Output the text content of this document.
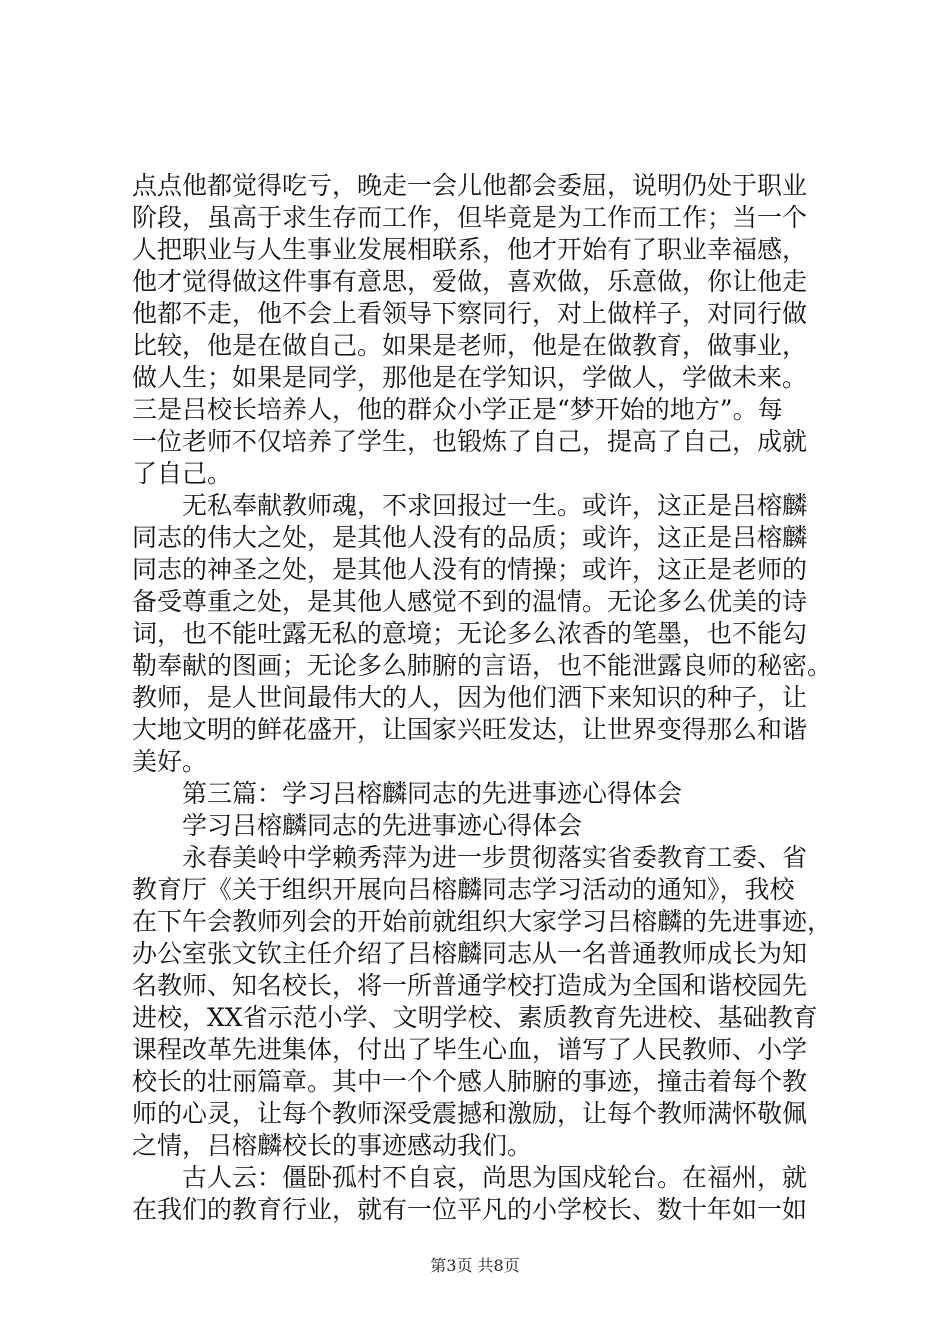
点点他都觉得吃亏，晚走一会儿他都会委屈，说明仍处于职业
阶段，虽高于求生存而工作，但毕竟是为工作而工作；当一个
人把职业与人生事业发展相联系，他才开始有了职业幸福感，
他才觉得做这件事有意思，爱做，喜欢做，乐意做，你让他走
他都不走，他不会上看领导下察同行，对上做样子，对同行做
比较，他是在做自己。如果是老师，他是在做教育，做事业，
做人生；如果是同学，那他是在学知识，学做人，学做未来。
三是吕校长培养人，他的群众小学正是“梦开始的地方”。每
一位老师不仅培养了学生，也锻炼了自己，提高了自己，成就
了自己。
无私奉献教师魂，不求回报过一生。或许，这正是吕榕麟
同志的伟大之处，是其他人没有的品质；或许，这正是吕榕麟
同志的神圣之处，是其他人没有的情操；或许，这正是老师的
备受尊重之处，是其他人感觉不到的温情。无论多么优美的诗
词，也不能吐露无私的意境；无论多么浓香的笔墨，也不能勾
勒奉献的图画；无论多么肺腑的言语，也不能泄露良师的秘密。
教师，是人世间最伟大的人，因为他们洒下来知识的种子，让
大地文明的鲜花盛开，让国家兴旺发达，让世界变得那么和谐
美好。
第三篇：学习吕榕麟同志的先进事迹心得体会
学习吕榕麟同志的先进事迹心得体会
永春美岭中学赖秀萍为进一步贯彻落实省委教育工委、省
教育厅《关于组织开展向吕榕麟同志学习活动的通知》，我校
在下午会教师列会的开始前就组织大家学习吕榕麟的先进事迹，
办公室张文钦主任介绍了吕榕麟同志从一名普通教师成长为知
名教师、知名校长，将一所普通学校打造成为全国和谐校园先
进校，XX省示范小学、文明学校、素质教育先进校、基础教育
课程改革先进集体，付出了毕生心血，谱写了人民教师、小学
校长的壮丽篇章。其中一个个感人肺腑的事迹，撞击着每个教
师的心灵，让每个教师深受震撼和激励，让每个教师满怀敬佩
之情，吕榕麟校长的事迹感动我们。
古人云：僵卧孤村不自哀，尚思为国戍轮台。在福州，就
在我们的教育行业，就有一位平凡的小学校长、数十年如一如
第3页 共8页
